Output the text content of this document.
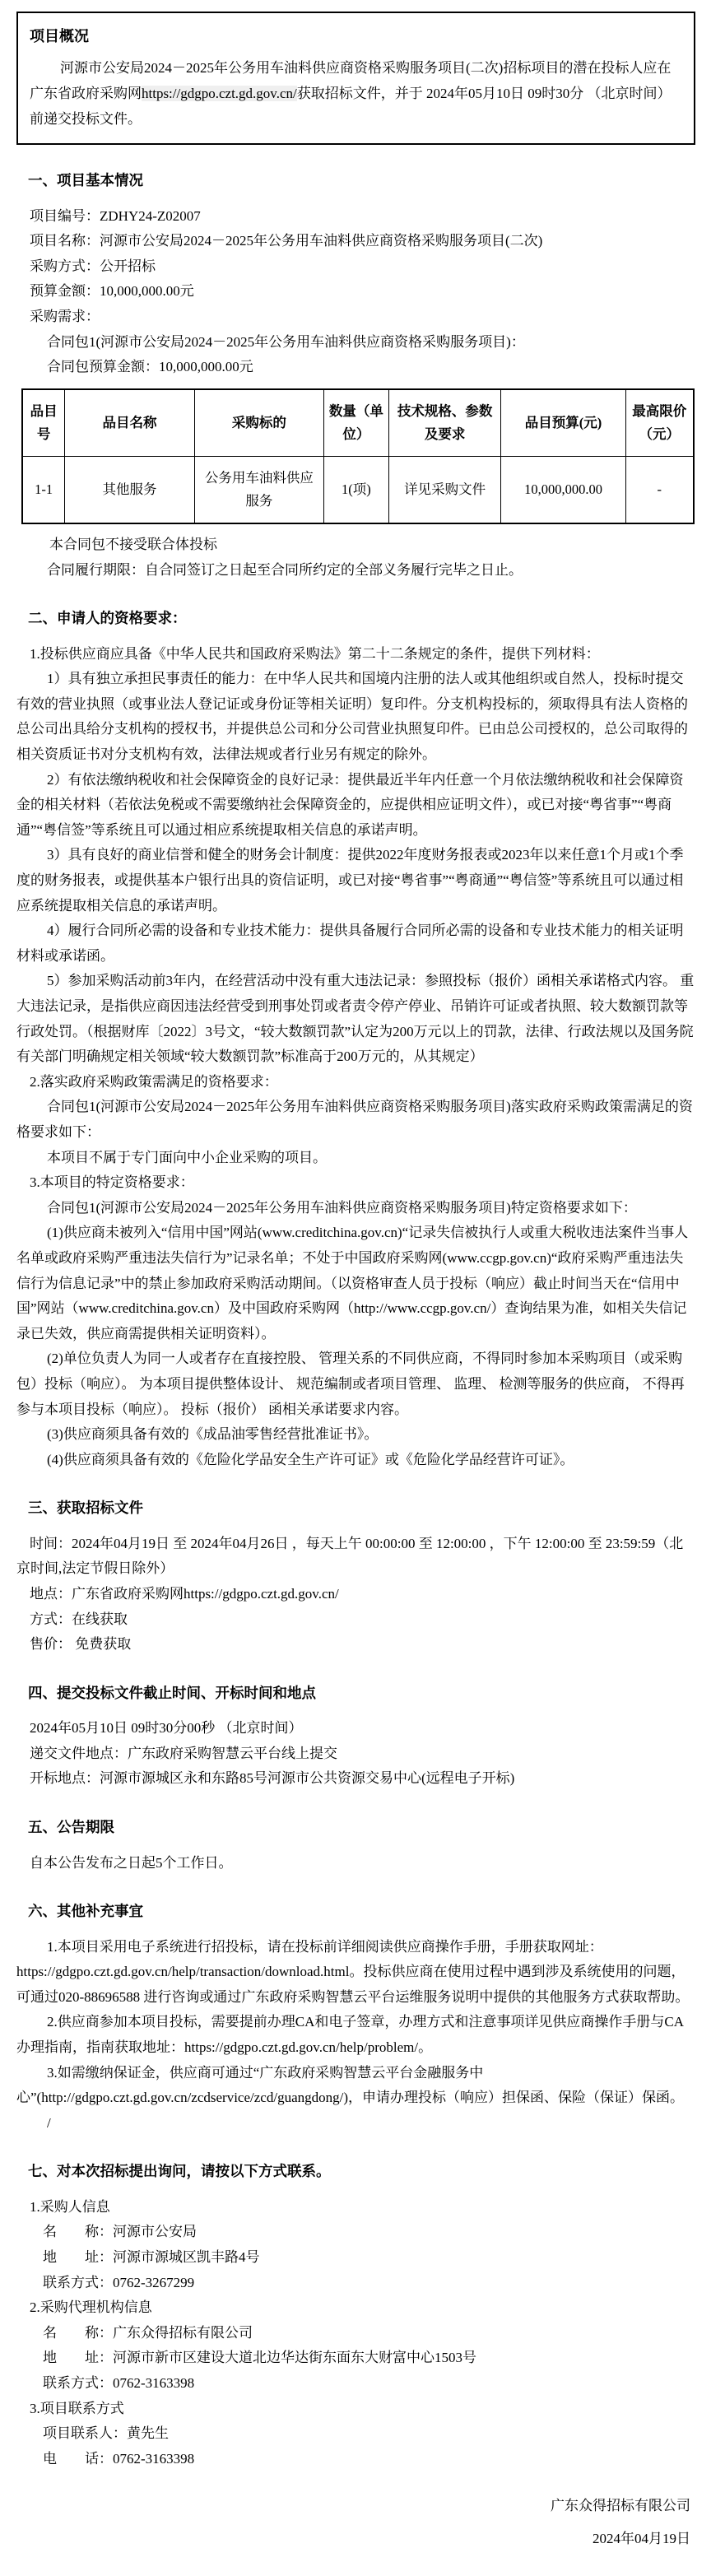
项目概况

河源市公安局2024－2025年公务用车油料供应商资格采购服务项目(二次)招标项目的潜在投标人应在广东省政府采购网https://gdgpo.czt.gd.gov.cn/获取招标文件，并于 2024年05月10日 09时30分 （北京时间）前递交投标文件。

一、项目基本情况

项目编号：ZDHY24-Z02007

项目名称：河源市公安局2024－2025年公务用车油料供应商资格采购服务项目(二次)

采购方式：公开招标

预算金额：10,000,000.00元

采购需求：

合同包1(河源市公安局2024－2025年公务用车油料供应商资格采购服务项目)：

合同包预算金额：10,000,000.00元

品目号	品目名称	采购标的	数量（单位）	技术规格、参数及要求	品目预算(元)	最高限价（元）
1-1	其他服务	公务用车油料供应服务	1(项)	详见采购文件	10,000,000.00	-

本合同包不接受联合体投标

合同履行期限：自合同签订之日起至合同所约定的全部义务履行完毕之日止。

二、申请人的资格要求：

1.投标供应商应具备《中华人民共和国政府采购法》第二十二条规定的条件，提供下列材料：

1）具有独立承担民事责任的能力：在中华人民共和国境内注册的法人或其他组织或自然人，投标时提交有效的营业执照（或事业法人登记证或身份证等相关证明）复印件。分支机构投标的，须取得具有法人资格的总公司出具给分支机构的授权书，并提供总公司和分公司营业执照复印件。已由总公司授权的，总公司取得的相关资质证书对分支机构有效，法律法规或者行业另有规定的除外。

2）有依法缴纳税收和社会保障资金的良好记录：提供最近半年内任意一个月依法缴纳税收和社会保障资金的相关材料（若依法免税或不需要缴纳社会保障资金的，应提供相应证明文件），或已对接“粤省事”“粤商通”“粤信签”等系统且可以通过相应系统提取相关信息的承诺声明。

3）具有良好的商业信誉和健全的财务会计制度：提供2022年度财务报表或2023年以来任意1个月或1个季度的财务报表，或提供基本户银行出具的资信证明，或已对接“粤省事”“粤商通”“粤信签”等系统且可以通过相应系统提取相关信息的承诺声明。

4）履行合同所必需的设备和专业技术能力：提供具备履行合同所必需的设备和专业技术能力的相关证明材料或承诺函。

5）参加采购活动前3年内，在经营活动中没有重大违法记录：参照投标（报价）函相关承诺格式内容。 重大违法记录，是指供应商因违法经营受到刑事处罚或者责令停产停业、吊销许可证或者执照、较大数额罚款等行政处罚。（根据财库〔2022〕3号文，“较大数额罚款”认定为200万元以上的罚款，法律、行政法规以及国务院有关部门明确规定相关领域“较大数额罚款”标准高于200万元的，从其规定）

2.落实政府采购政策需满足的资格要求：

合同包1(河源市公安局2024－2025年公务用车油料供应商资格采购服务项目)落实政府采购政策需满足的资格要求如下：

本项目不属于专门面向中小企业采购的项目。

3.本项目的特定资格要求：

合同包1(河源市公安局2024－2025年公务用车油料供应商资格采购服务项目)特定资格要求如下：

(1)供应商未被列入“信用中国”网站(www.creditchina.gov.cn)“记录失信被执行人或重大税收违法案件当事人名单或政府采购严重违法失信行为”记录名单；不处于中国政府采购网(www.ccgp.gov.cn)“政府采购严重违法失信行为信息记录”中的禁止参加政府采购活动期间。（以资格审查人员于投标（响应）截止时间当天在“信用中国”网站（www.creditchina.gov.cn）及中国政府采购网（http://www.ccgp.gov.cn/）查询结果为准，如相关失信记录已失效，供应商需提供相关证明资料）。

(2)单位负责人为同一人或者存在直接控股、 管理关系的不同供应商，不得同时参加本采购项目（或采购包）投标（响应）。 为本项目提供整体设计、 规范编制或者项目管理、 监理、 检测等服务的供应商， 不得再参与本项目投标（响应）。 投标（报价） 函相关承诺要求内容。

(3)供应商须具备有效的《成品油零售经营批准证书》。

(4)供应商须具备有效的《危险化学品安全生产许可证》或《危险化学品经营许可证》。

三、获取招标文件

时间：2024年04月19日 至 2024年04月26日 ，每天上午 00:00:00 至 12:00:00 ，下午 12:00:00 至 23:59:59（北京时间,法定节假日除外）

地点：广东省政府采购网https://gdgpo.czt.gd.gov.cn/

方式：在线获取

售价： 免费获取

四、提交投标文件截止时间、开标时间和地点

2024年05月10日 09时30分00秒 （北京时间）

递交文件地点：广东政府采购智慧云平台线上提交

开标地点：河源市源城区永和东路85号河源市公共资源交易中心(远程电子开标)

五、公告期限

自本公告发布之日起5个工作日。

六、其他补充事宜

1.本项目采用电子系统进行招投标，请在投标前详细阅读供应商操作手册，手册获取网址：https://gdgpo.czt.gd.gov.cn/help/transaction/download.html。投标供应商在使用过程中遇到涉及系统使用的问题，可通过020-88696588 进行咨询或通过广东政府采购智慧云平台运维服务说明中提供的其他服务方式获取帮助。

2.供应商参加本项目投标，需要提前办理CA和电子签章，办理方式和注意事项详见供应商操作手册与CA办理指南，指南获取地址：https://gdgpo.czt.gd.gov.cn/help/problem/。

3.如需缴纳保证金，供应商可通过“广东政府采购智慧云平台金融服务中心”(http://gdgpo.czt.gd.gov.cn/zcdservice/zcd/guangdong/)，申请办理投标（响应）担保函、保险（保证）保函。

/

七、对本次招标提出询问，请按以下方式联系。

1.采购人信息

名　　称：河源市公安局

地　　址：河源市源城区凯丰路4号

联系方式：0762-3267299

2.采购代理机构信息

名　　称：广东众得招标有限公司

地　　址：河源市新市区建设大道北边华达街东面东大财富中心1503号

联系方式：0762-3163398

3.项目联系方式

项目联系人：黄先生

电　　话：0762-3163398

广东众得招标有限公司

2024年04月19日
